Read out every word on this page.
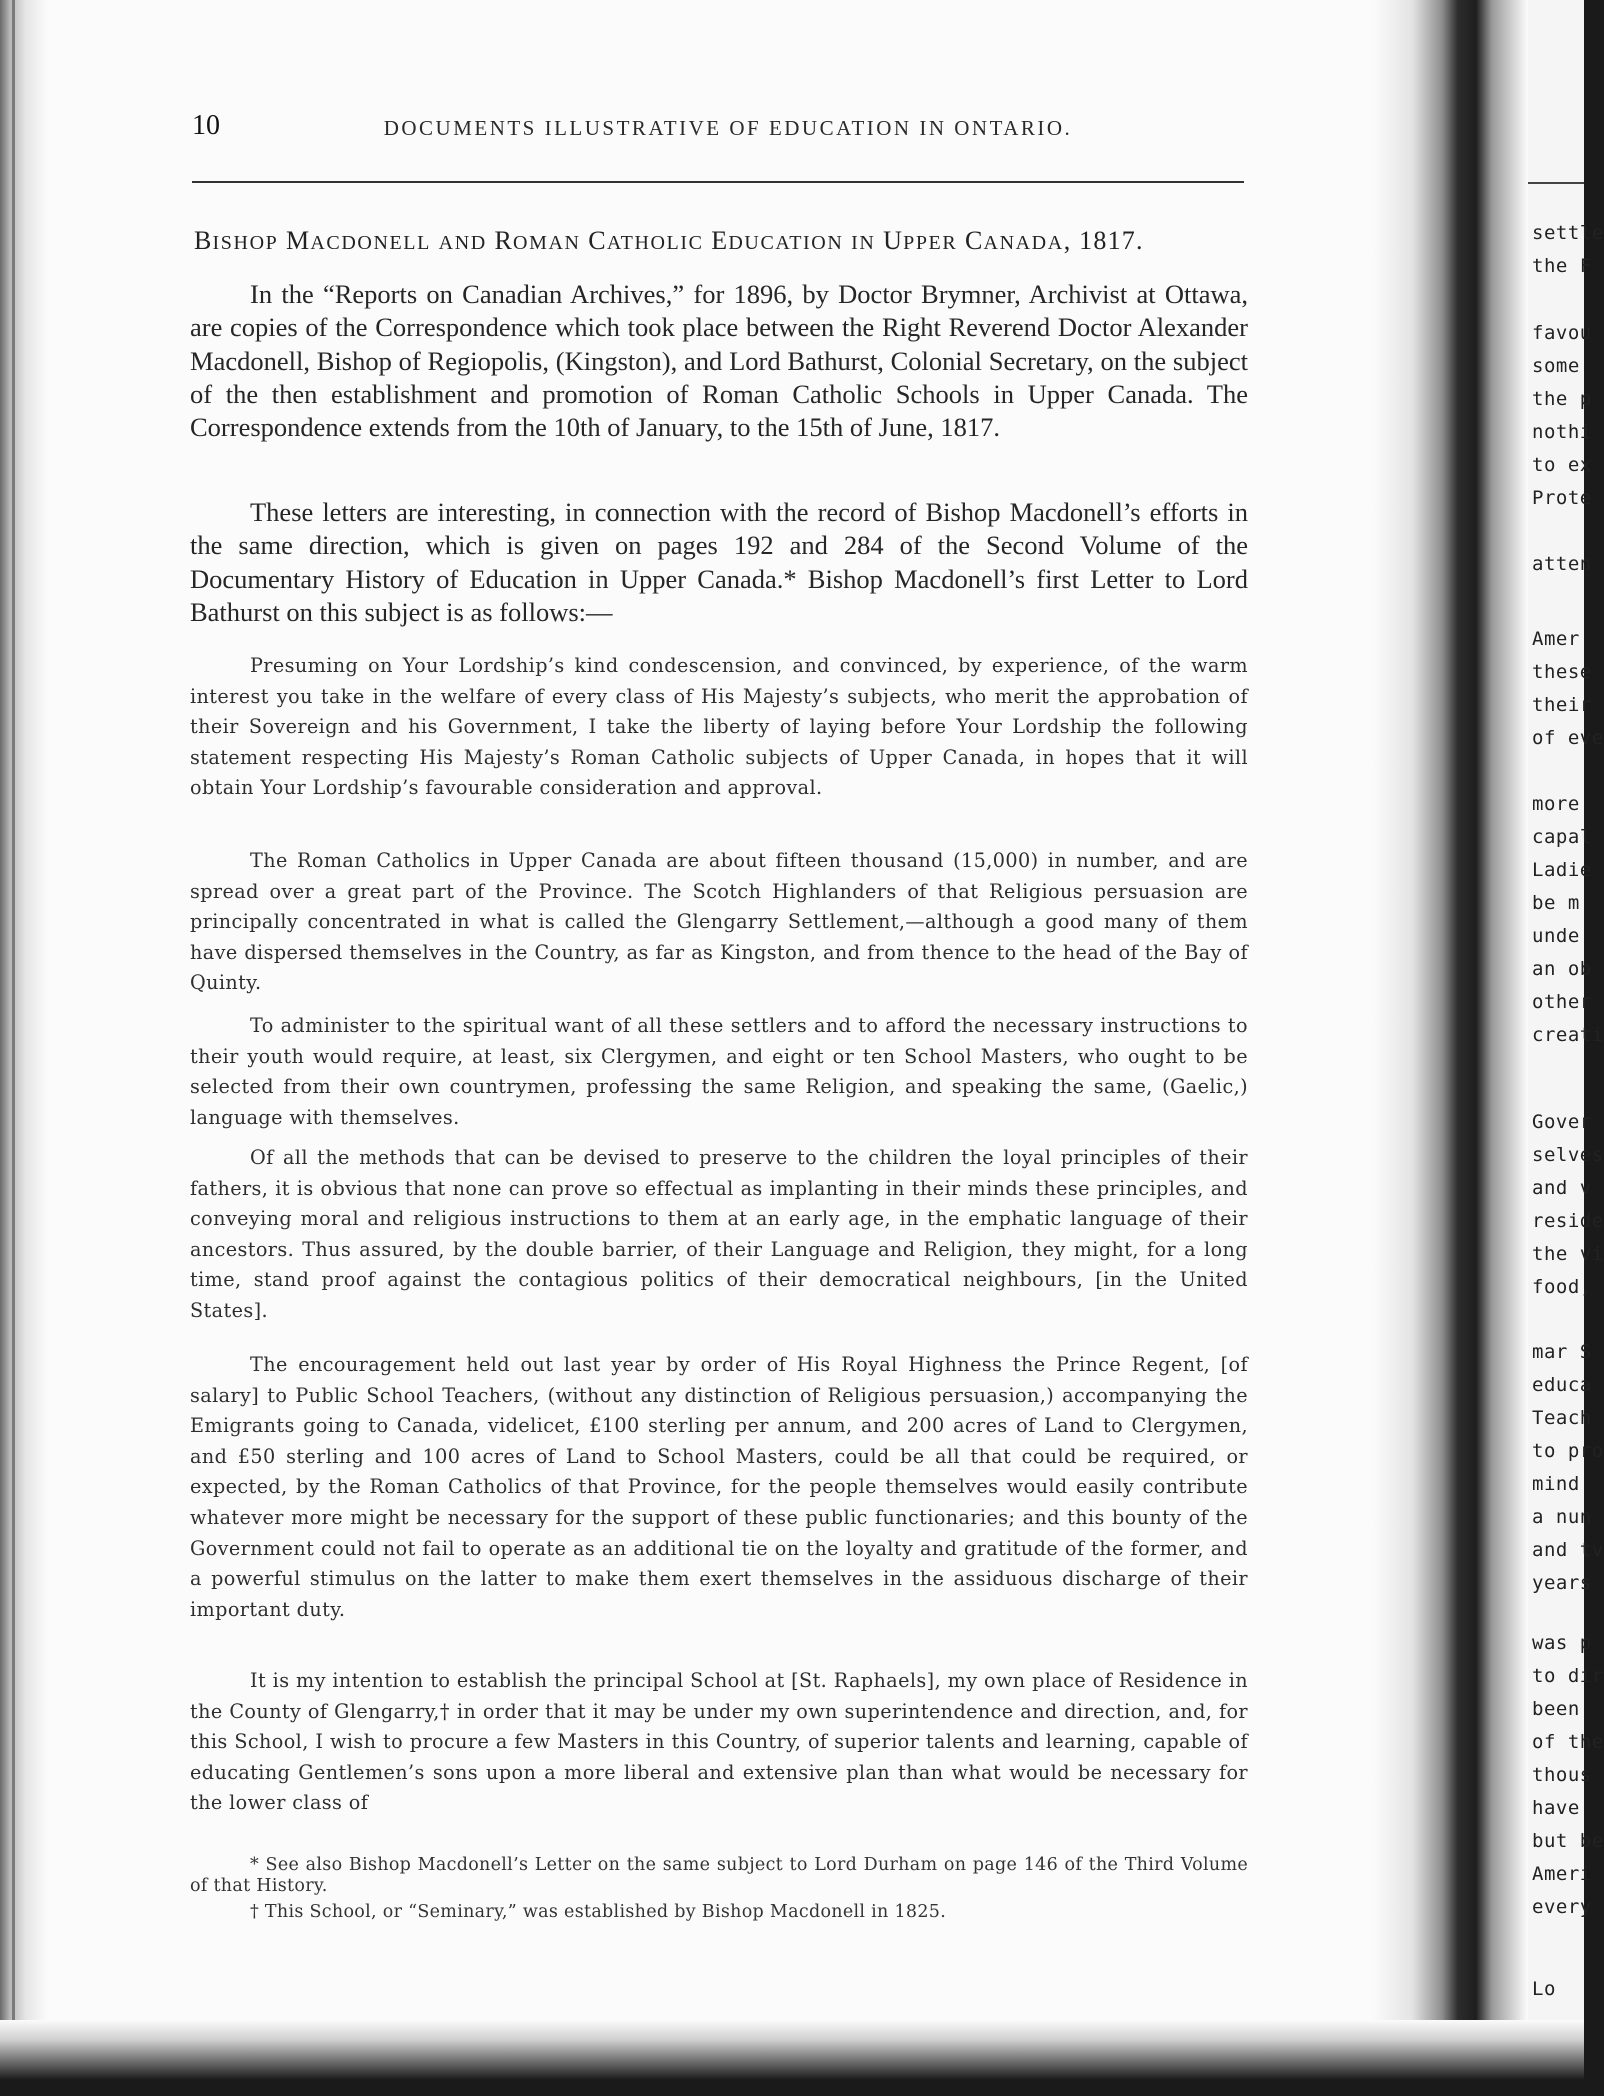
10	DOCUMENTS ILLUSTRATIVE OF EDUCATION IN ONTARIO.
BISHOP MACDONELL AND ROMAN CATHOLIC EDUCATION IN UPPER CANADA, 1817.

In the “Reports on Canadian Archives,” for 1896, by Doctor Brymner, Archivist at Ottawa, are copies of the Correspondence which took place between the Right Reverend Doctor Alexander Macdonell, Bishop of Regiopolis, (Kingston), and Lord Bathurst, Colonial Secretary, on the subject of the then establishment and promotion of Roman Catholic Schools in Upper Canada. The Correspondence extends from the 10th of January, to the 15th of June, 1817.

These letters are interesting, in connection with the record of Bishop Macdonell’s efforts in the same direction, which is given on pages 192 and 284 of the Second Volume of the Documentary History of Education in Upper Canada.* Bishop Macdonell’s first Letter to Lord Bathurst on this subject is as follows:—

Presuming on Your Lordship’s kind condescension, and convinced, by experience, of the warm interest you take in the welfare of every class of His Majesty’s subjects, who merit the approbation of their Sovereign and his Government, I take the liberty of laying before Your Lordship the following statement respecting His Majesty’s Roman Catholic subjects of Upper Canada, in hopes that it will obtain Your Lordship’s favourable consideration and approval.

The Roman Catholics in Upper Canada are about fifteen thousand (15,000) in number, and are spread over a great part of the Province. The Scotch Highlanders of that Religious persuasion are principally concentrated in what is called the Glengarry Settlement,—although a good many of them have dispersed themselves in the Country, as far as Kingston, and from thence to the head of the Bay of Quinty.

To administer to the spiritual want of all these settlers and to afford the necessary instructions to their youth would require, at least, six Clergymen, and eight or ten School Masters, who ought to be selected from their own countrymen, professing the same Religion, and speaking the same, (Gaelic,) language with themselves.

Of all the methods that can be devised to preserve to the children the loyal principles of their fathers, it is obvious that none can prove so effectual as implanting in their minds these principles, and conveying moral and religious instructions to them at an early age, in the emphatic language of their ancestors. Thus assured, by the double barrier, of their Language and Religion, they might, for a long time, stand proof against the contagious politics of their democratical neighbours, [in the United States].

The encouragement held out last year by order of His Royal Highness the Prince Regent, [of salary] to Public School Teachers, (without any distinction of Religious persuasion,) accompanying the Emigrants going to Canada, videlicet, £100 sterling per annum, and 200 acres of Land to Clergymen, and £50 sterling and 100 acres of Land to School Masters, could be all that could be required, or expected, by the Roman Catholics of that Province, for the people themselves would easily contribute whatever more might be necessary for the support of these public functionaries; and this bounty of the Government could not fail to operate as an additional tie on the loyalty and gratitude of the former, and a powerful stimulus on the latter to make them exert themselves in the assiduous discharge of their important duty.

It is my intention to establish the principal School at [St. Raphaels], my own place of Residence in the County of Glengarry,† in order that it may be under my own superintendence and direction, and, for this School, I wish to procure a few Masters in this Country, of superior talents and learning, capable of educating Gentlemen’s sons upon a more liberal and extensive plan than what would be necessary for the lower class of

* See also Bishop Macdonell’s Letter on the same subject to Lord Durham on page 146 of the Third Volume of that History.

† This School, or “Seminary,” was established by Bishop Macdonell in 1825.

settle
the F
favou
some
the p
nothi
to ex
Prote
atten
Amer
these
their
of eve
more
capal
Ladie
be m
unde
an ob
other
creati
Gover
selves
and v
reside
the vi
food,
mar S
educa
Teach
to pro
mind
a nun
and tv
years
was p
to dir
been
of the
thous
have
but be
Ameri
every
Lo
